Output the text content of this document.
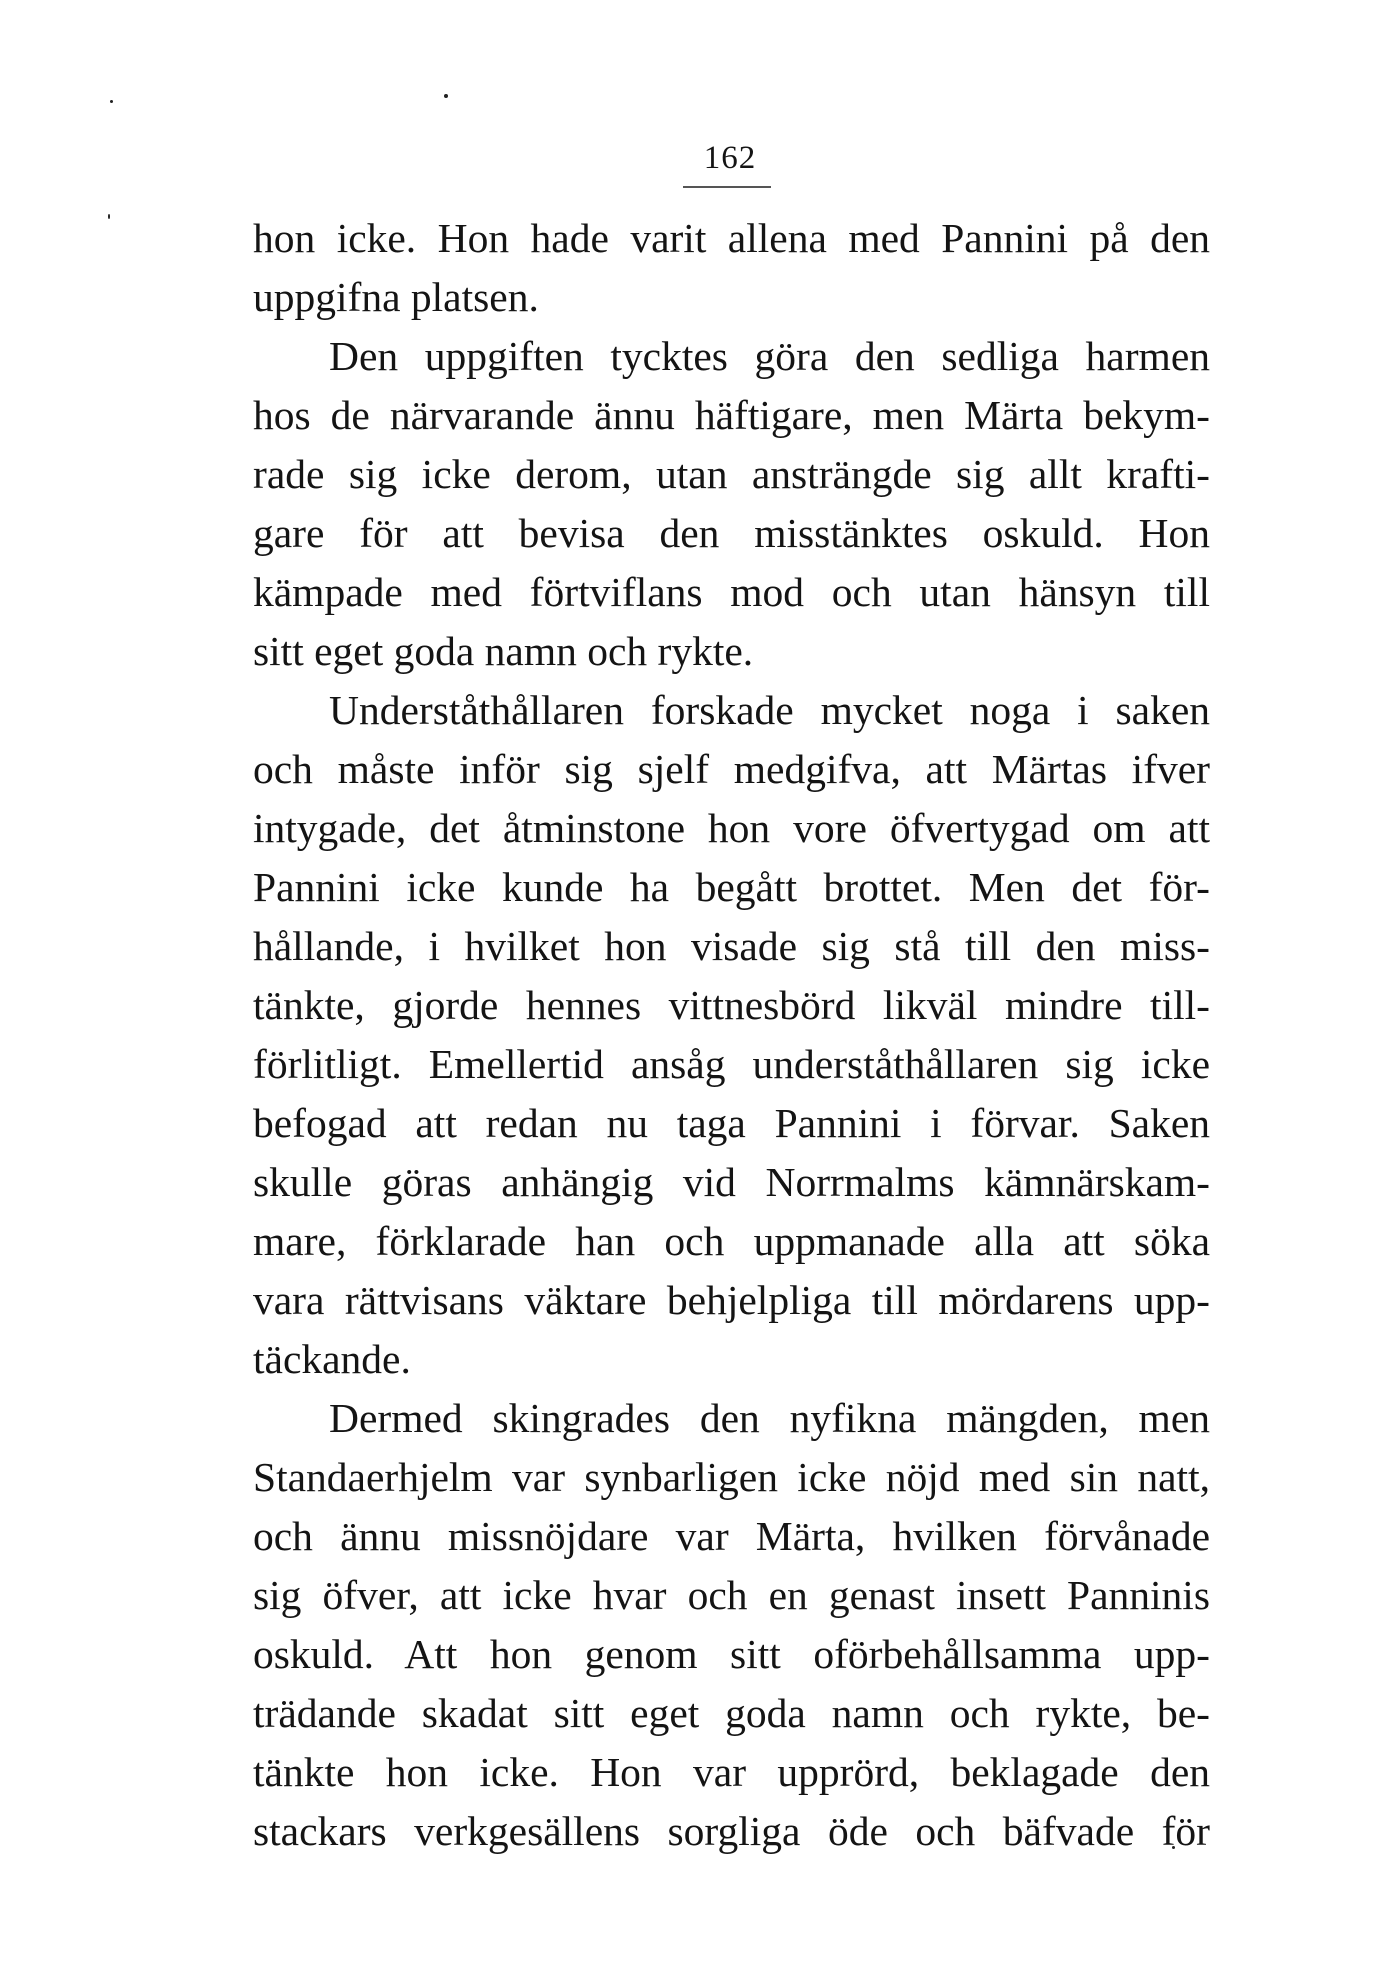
162
hon icke. Hon hade varit allena med Pannini på den
uppgifna platsen.
Den uppgiften tycktes göra den sedliga harmen
hos de närvarande ännu häftigare, men Märta bekym-
rade sig icke derom, utan ansträngde sig allt krafti-
gare för att bevisa den misstänktes oskuld. Hon
kämpade med förtviflans mod och utan hänsyn till
sitt eget goda namn och rykte.
Underståthållaren forskade mycket noga i saken
och måste inför sig sjelf medgifva, att Märtas ifver
intygade, det åtminstone hon vore öfvertygad om att
Pannini icke kunde ha begått brottet. Men det för-
hållande, i hvilket hon visade sig stå till den miss-
tänkte, gjorde hennes vittnesbörd likväl mindre till-
förlitligt. Emellertid ansåg underståthållaren sig icke
befogad att redan nu taga Pannini i förvar. Saken
skulle göras anhängig vid Norrmalms kämnärskam-
mare, förklarade han och uppmanade alla att söka
vara rättvisans väktare behjelpliga till mördarens upp-
täckande.
Dermed skingrades den nyfikna mängden, men
Standaerhjelm var synbarligen icke nöjd med sin natt,
och ännu missnöjdare var Märta, hvilken förvånade
sig öfver, att icke hvar och en genast insett Panninis
oskuld. Att hon genom sitt oförbehållsamma upp-
trädande skadat sitt eget goda namn och rykte, be-
tänkte hon icke. Hon var upprörd, beklagade den
stackars verkgesällens sorgliga öde och bäfvade för
